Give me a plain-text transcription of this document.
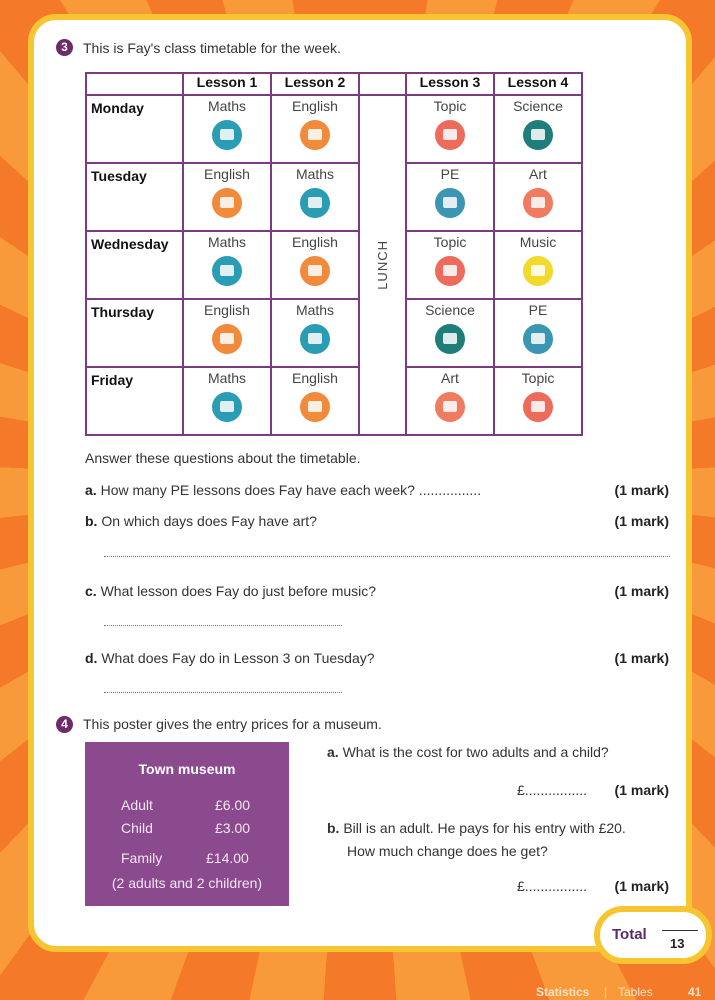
3	This is Fay's class timetable for the week.
	Lesson 1	Lesson 2		Lesson 3	Lesson 4
Monday	Maths	English	LUNCH	Topic	Science

Tuesday	English	Maths		PE	Art

Wednesday	Maths	English		Topic	Music

Thursday	English	Maths		Science	PE

Friday	Maths	English		Art	Topic
Answer these questions about the timetable.
a. How many PE lessons does Fay have each week? ................	(1 mark)
b. On which days does Fay have art?	(1 mark)
c. What lesson does Fay do just before music?	(1 mark)
d. What does Fay do in Lesson 3 on Tuesday?	(1 mark)
4	This poster gives the entry prices for a museum.
Town museum
Adult	£6.00
Child	£3.00
Family	£14.00
(2 adults and 2 children)
a. What is the cost for two adults and a child?
£................ (1 mark)
b. Bill is an adult. He pays for his entry with £20.
How much change does he get?
£................ (1 mark)
Total
13
Statistics | Tables	41
